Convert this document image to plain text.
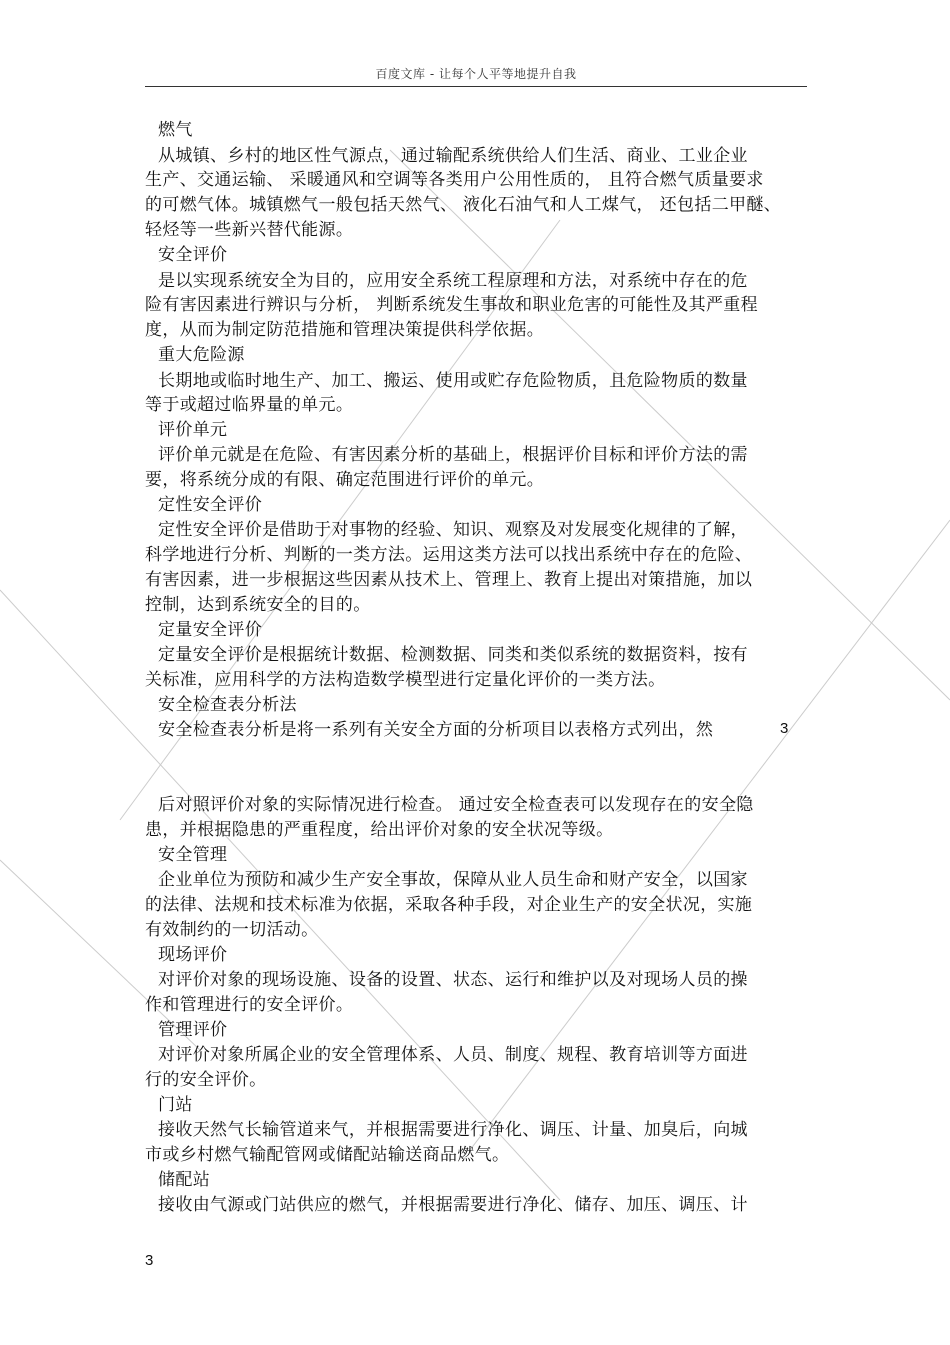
百度文库 - 让每个人平等地提升自我
燃气
从城镇、乡村的地区性气源点，通过输配系统供给人们生活、商业、工业企业
生产、交通运输、 采暖通风和空调等各类用户公用性质的， 且符合燃气质量要求
的可燃气体。城镇燃气一般包括天然气、 液化石油气和人工煤气， 还包括二甲醚、
轻烃等一些新兴替代能源。
安全评价
是以实现系统安全为目的，应用安全系统工程原理和方法，对系统中存在的危
险有害因素进行辨识与分析， 判断系统发生事故和职业危害的可能性及其严重程
度，从而为制定防范措施和管理决策提供科学依据。
重大危险源
长期地或临时地生产、加工、搬运、使用或贮存危险物质，且危险物质的数量
等于或超过临界量的单元。
评价单元
评价单元就是在危险、有害因素分析的基础上，根据评价目标和评价方法的需
要，将系统分成的有限、确定范围进行评价的单元。
定性安全评价
定性安全评价是借助于对事物的经验、知识、观察及对发展变化规律的了解，
科学地进行分析、判断的一类方法。运用这类方法可以找出系统中存在的危险、
有害因素，进一步根据这些因素从技术上、管理上、教育上提出对策措施，加以
控制，达到系统安全的目的。
定量安全评价
定量安全评价是根据统计数据、检测数据、同类和类似系统的数据资料，按有
关标准，应用科学的方法构造数学模型进行定量化评价的一类方法。
安全检查表分析法
安全检查表分析是将一系列有关安全方面的分析项目以表格方式列出，然	3
后对照评价对象的实际情况进行检查。 通过安全检查表可以发现存在的安全隐
患，并根据隐患的严重程度，给出评价对象的安全状况等级。
安全管理
企业单位为预防和减少生产安全事故，保障从业人员生命和财产安全，以国家
的法律、法规和技术标准为依据，采取各种手段，对企业生产的安全状况，实施
有效制约的一切活动。
现场评价
对评价对象的现场设施、设备的设置、状态、运行和维护以及对现场人员的操
作和管理进行的安全评价。
管理评价
对评价对象所属企业的安全管理体系、人员、制度、规程、教育培训等方面进
行的安全评价。
门站
接收天然气长输管道来气，并根据需要进行净化、调压、计量、加臭后，向城
市或乡村燃气输配管网或储配站输送商品燃气。
储配站
接收由气源或门站供应的燃气，并根据需要进行净化、储存、加压、调压、计
3
